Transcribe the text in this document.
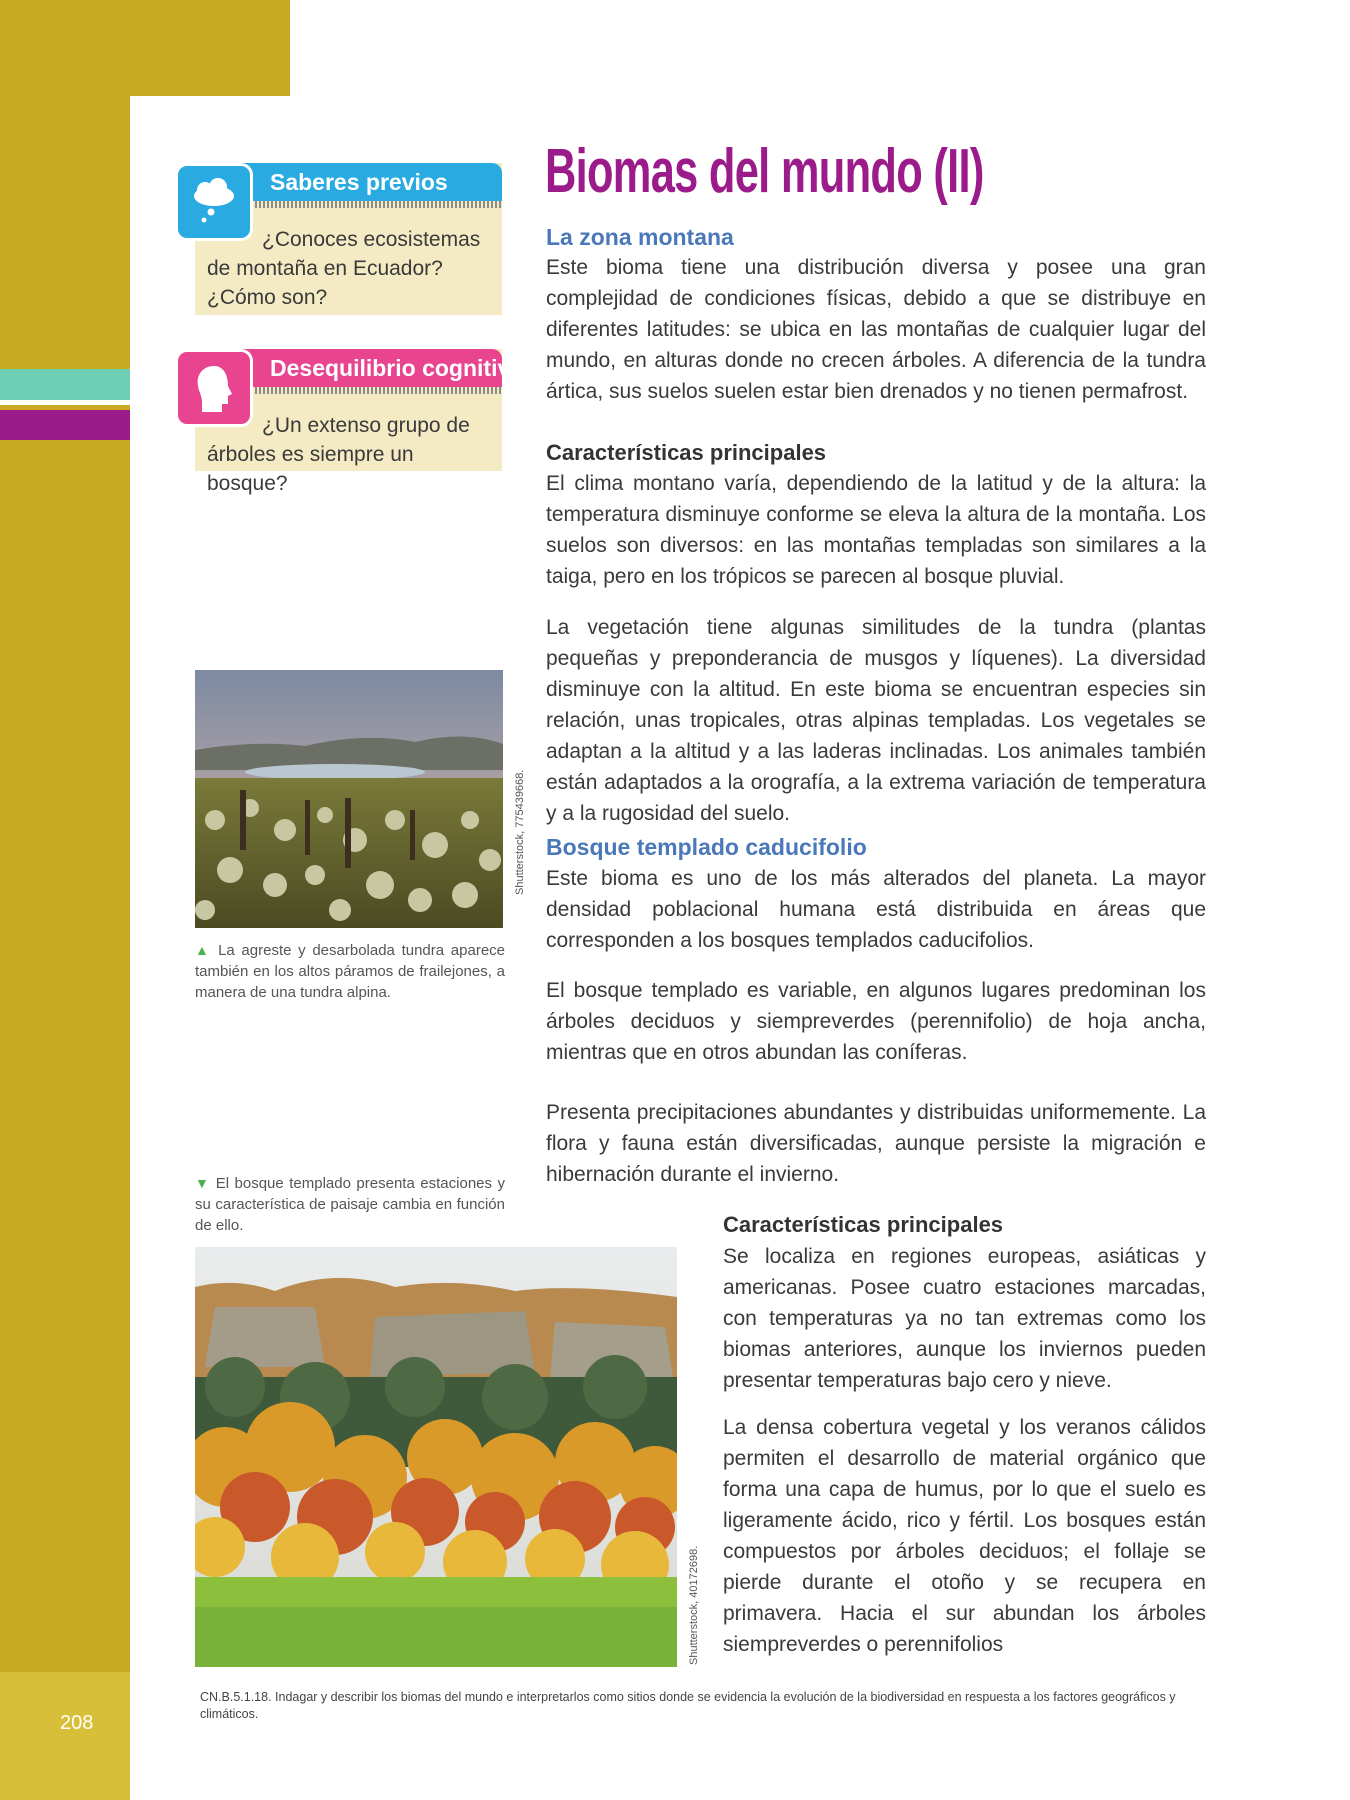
208
Saberes previos
¿Conoces ecosistemas de montaña en Ecuador? ¿Cómo son?
Desequilibrio cognitivo
¿Un extenso grupo de árboles es siempre un bosque?
Biomas del mundo (II)
La zona montana
Este bioma tiene una distribución diversa y posee una gran complejidad de condiciones físicas, debido a que se distribuye en diferentes latitudes: se ubica en las montañas de cualquier lugar del mundo, en alturas donde no crecen árboles. A diferencia de la tundra ártica, sus suelos suelen estar bien drenados y no tienen permafrost.
Características principales
El clima montano varía, dependiendo de la latitud y de la altura: la temperatura disminuye conforme se eleva la altura de la montaña. Los suelos son diversos: en las montañas templadas son similares a la taiga, pero en los trópicos se parecen al bosque pluvial.
La vegetación tiene algunas similitudes de la tundra (plantas pequeñas y preponderancia de musgos y líquenes). La diversidad disminuye con la altitud. En este bioma se encuentran especies sin relación, unas tropicales, otras alpinas templadas. Los vegetales se adaptan a la altitud y a las laderas inclinadas. Los animales también están adaptados a la orografía, a la extrema variación de temperatura y a la rugosidad del suelo.
Shutterstock, 775439668.
▲ La agreste y desarbolada tundra aparece también en los altos páramos de frailejones, a manera de una tundra alpina.
Bosque templado caducifolio
Este bioma es uno de los más alterados del planeta. La mayor densidad poblacional humana está distribuida en áreas que corresponden a los bosques templados caducifolios.
El bosque templado es variable, en algunos lugares predominan los árboles deciduos y siempreverdes (perennifolio) de hoja ancha, mientras que en otros abundan las coníferas.
Presenta precipitaciones abundantes y distribuidas uniformemente. La flora y fauna están diversificadas, aunque persiste la migración e hibernación durante el invierno.
▼ El bosque templado presenta estaciones y su característica de paisaje cambia en función de ello.
Shutterstock, 40172698.
Características principales
Se localiza en regiones europeas, asiáticas y americanas. Posee cuatro estaciones marcadas, con temperaturas ya no tan extremas como los biomas anteriores, aunque los inviernos pueden presentar temperaturas bajo cero y nieve.
La densa cobertura vegetal y los veranos cálidos permiten el desarrollo de material orgánico que forma una capa de humus, por lo que el suelo es ligeramente ácido, rico y fértil. Los bosques están compuestos por árboles deciduos; el follaje se pierde durante el otoño y se recupera en primavera. Hacia el sur abundan los árboles siempreverdes o perennifolios
CN.B.5.1.18. Indagar y describir los biomas del mundo e interpretarlos como sitios donde se evidencia la evolución de la biodiversidad en respuesta a los factores geográficos y climáticos.
